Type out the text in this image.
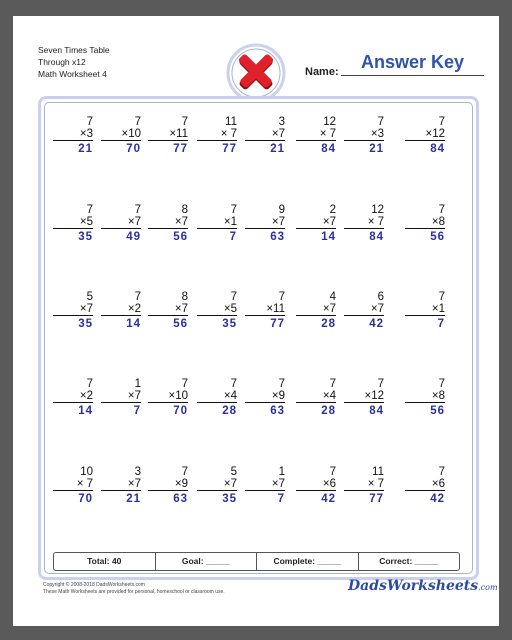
Seven Times Table
Through x12
Math Worksheet 4	Name:	Answer Key
7
×3
21
7
×10
70
7
×11
77
11
× 7
77
3
×7
21
12
× 7
84
7
×3
21
7
×12
84
7
×5
35
7
×7
49
8
×7
56
7
×1
7
9
×7
63
2
×7
14
12
× 7
84
7
×8
56
5
×7
35
7
×2
14
8
×7
56
7
×5
35
7
×11
77
4
×7
28
6
×7
42
7
×1
7
7
×2
14
1
×7
7
7
×10
70
7
×4
28
7
×9
63
7
×4
28
7
×12
84
7
×8
56
10
× 7
70
3
×7
21
7
×9
63
5
×7
35
1
×7
7
7
×6
42
11
× 7
77
7
×6
42
Total: 40	Goal: _____	Complete: _____	Correct: _____
Copyright © 2008-2018 DadsWorksheets.com
These Math Worksheets are provided for personal, homeschool or classroom use.	DadsWorksheets.com
